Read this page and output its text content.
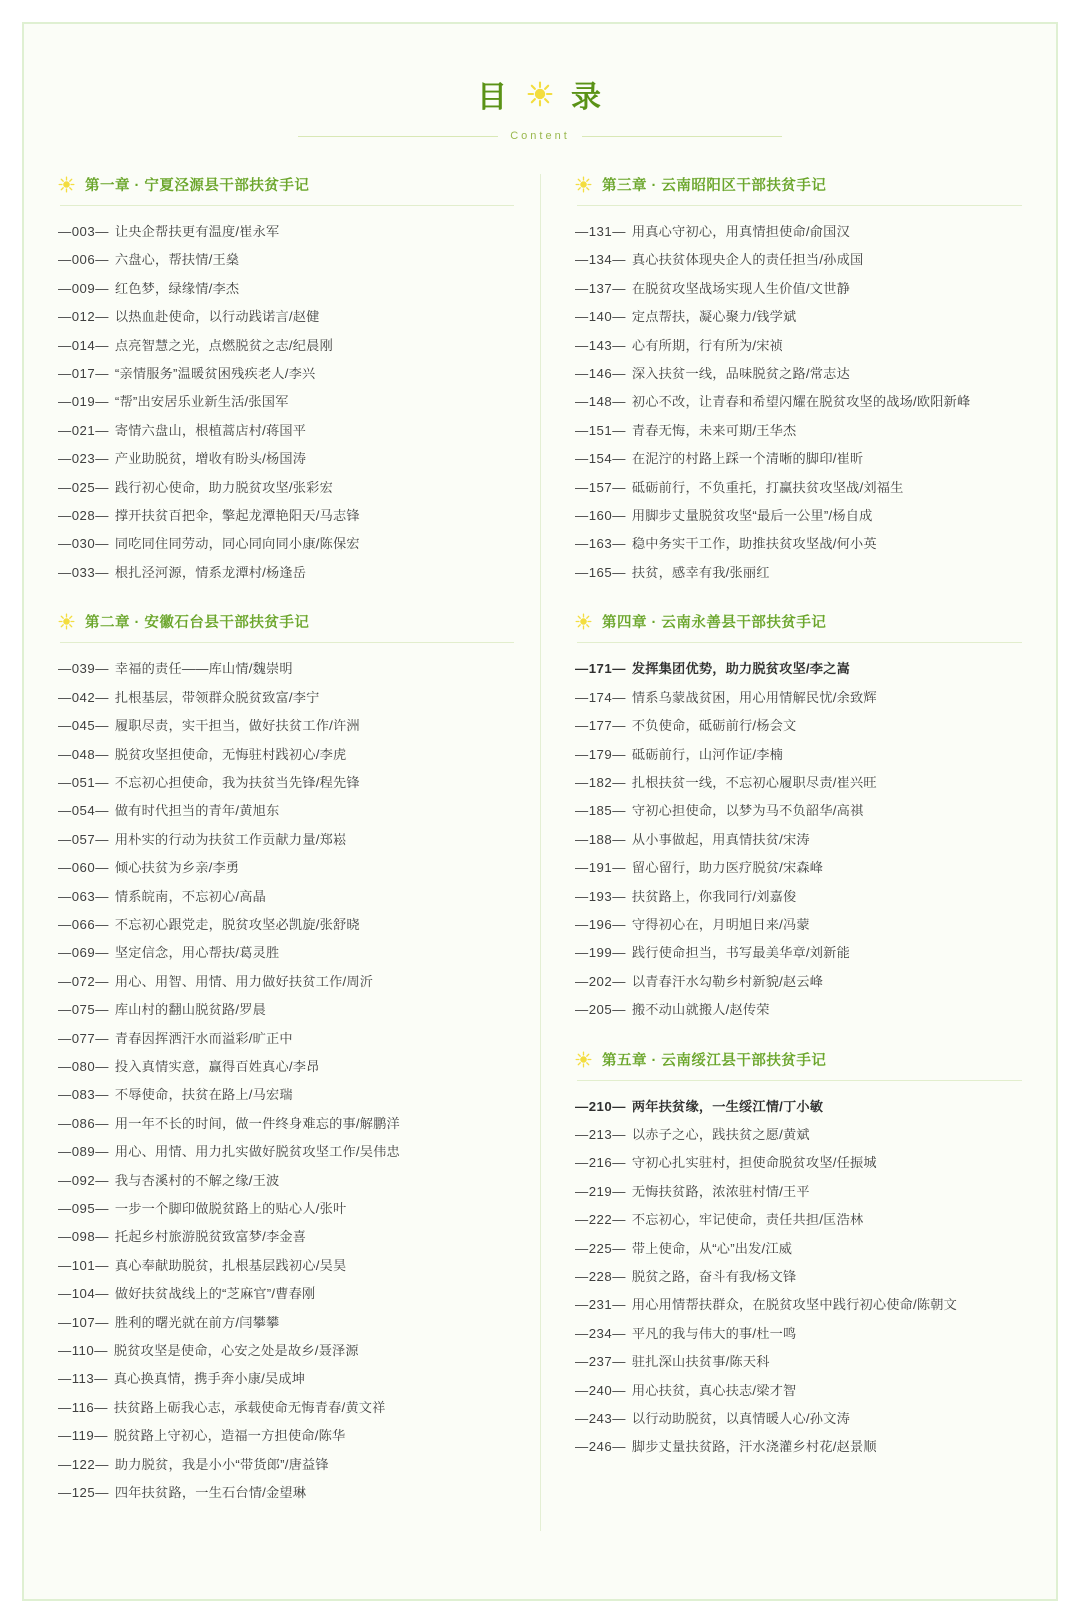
目 录
Content
第一章 · 宁夏泾源县干部扶贫手记
—003— 让央企帮扶更有温度/崔永军
—006— 六盘心，帮扶情/王燊
—009— 红色梦，绿缘情/李杰
—012— 以热血赴使命，以行动践诺言/赵健
—014— 点亮智慧之光，点燃脱贫之志/纪晨刚
—017— “亲情服务”温暖贫困残疾老人/李兴
—019— “帮”出安居乐业新生活/张国军
—021— 寄情六盘山，根植蒿店村/蒋国平
—023— 产业助脱贫，增收有盼头/杨国涛
—025— 践行初心使命，助力脱贫攻坚/张彩宏
—028— 撑开扶贫百把伞，擎起龙潭艳阳天/马志锋
—030— 同吃同住同劳动，同心同向同小康/陈保宏
—033— 根扎泾河源，情系龙潭村/杨逢岳
第二章 · 安徽石台县干部扶贫手记
—039— 幸福的责任——库山情/魏崇明
—042— 扎根基层，带领群众脱贫致富/李宁
—045— 履职尽责，实干担当，做好扶贫工作/许洲
—048— 脱贫攻坚担使命，无悔驻村践初心/李虎
—051— 不忘初心担使命，我为扶贫当先锋/程先锋
—054— 做有时代担当的青年/黄旭东
—057— 用朴实的行动为扶贫工作贡献力量/郑崧
—060— 倾心扶贫为乡亲/李勇
—063— 情系皖南，不忘初心/高晶
—066— 不忘初心跟党走，脱贫攻坚必凯旋/张舒晓
—069— 坚定信念，用心帮扶/葛灵胜
—072— 用心、用智、用情、用力做好扶贫工作/周沂
—075— 库山村的翻山脱贫路/罗晨
—077— 青春因挥洒汗水而溢彩/旷正中
—080— 投入真情实意，赢得百姓真心/李昂
—083— 不辱使命，扶贫在路上/马宏瑞
—086— 用一年不长的时间，做一件终身难忘的事/解鹏洋
—089— 用心、用情、用力扎实做好脱贫攻坚工作/吴伟忠
—092— 我与杏溪村的不解之缘/王波
—095— 一步一个脚印做脱贫路上的贴心人/张叶
—098— 托起乡村旅游脱贫致富梦/李金喜
—101— 真心奉献助脱贫，扎根基层践初心/吴昊
—104— 做好扶贫战线上的“芝麻官”/曹春刚
—107— 胜利的曙光就在前方/闫攀攀
—110— 脱贫攻坚是使命，心安之处是故乡/聂泽源
—113— 真心换真情，携手奔小康/吴成坤
—116— 扶贫路上砺我心志，承载使命无悔青春/黄文祥
—119— 脱贫路上守初心，造福一方担使命/陈华
—122— 助力脱贫，我是小小“带货郎”/唐益锋
—125— 四年扶贫路，一生石台情/金望琳
第三章 · 云南昭阳区干部扶贫手记
—131— 用真心守初心，用真情担使命/俞国汉
—134— 真心扶贫体现央企人的责任担当/孙成国
—137— 在脱贫攻坚战场实现人生价值/文世静
—140— 定点帮扶，凝心聚力/钱学斌
—143— 心有所期，行有所为/宋祯
—146— 深入扶贫一线，品味脱贫之路/常志达
—148— 初心不改，让青春和希望闪耀在脱贫攻坚的战场/欧阳新峰
—151— 青春无悔，未来可期/王华杰
—154— 在泥泞的村路上踩一个清晰的脚印/崔昕
—157— 砥砺前行，不负重托，打赢扶贫攻坚战/刘福生
—160— 用脚步丈量脱贫攻坚“最后一公里”/杨自成
—163— 稳中务实干工作，助推扶贫攻坚战/何小英
—165— 扶贫，感幸有我/张丽红
第四章 · 云南永善县干部扶贫手记
—171— 发挥集团优势，助力脱贫攻坚/李之嵩
—174— 情系乌蒙战贫困，用心用情解民忧/余致辉
—177— 不负使命，砥砺前行/杨会文
—179— 砥砺前行，山河作证/李楠
—182— 扎根扶贫一线，不忘初心履职尽责/崔兴旺
—185— 守初心担使命，以梦为马不负韶华/高祺
—188— 从小事做起，用真情扶贫/宋涛
—191— 留心留行，助力医疗脱贫/宋森峰
—193— 扶贫路上，你我同行/刘嘉俊
—196— 守得初心在，月明旭日来/冯蒙
—199— 践行使命担当，书写最美华章/刘新能
—202— 以青春汗水勾勒乡村新貌/赵云峰
—205— 搬不动山就搬人/赵传荣
第五章 · 云南绥江县干部扶贫手记
—210— 两年扶贫缘，一生绥江情/丁小敏
—213— 以赤子之心，践扶贫之愿/黄斌
—216— 守初心扎实驻村，担使命脱贫攻坚/任振城
—219— 无悔扶贫路，浓浓驻村情/王平
—222— 不忘初心，牢记使命，责任共担/匡浩林
—225— 带上使命，从“心”出发/江威
—228— 脱贫之路，奋斗有我/杨文锋
—231— 用心用情帮扶群众，在脱贫攻坚中践行初心使命/陈朝文
—234— 平凡的我与伟大的事/杜一鸣
—237— 驻扎深山扶贫事/陈天科
—240— 用心扶贫，真心扶志/梁才智
—243— 以行动助脱贫，以真情暖人心/孙文涛
—246— 脚步丈量扶贫路，汗水浇灌乡村花/赵景顺
